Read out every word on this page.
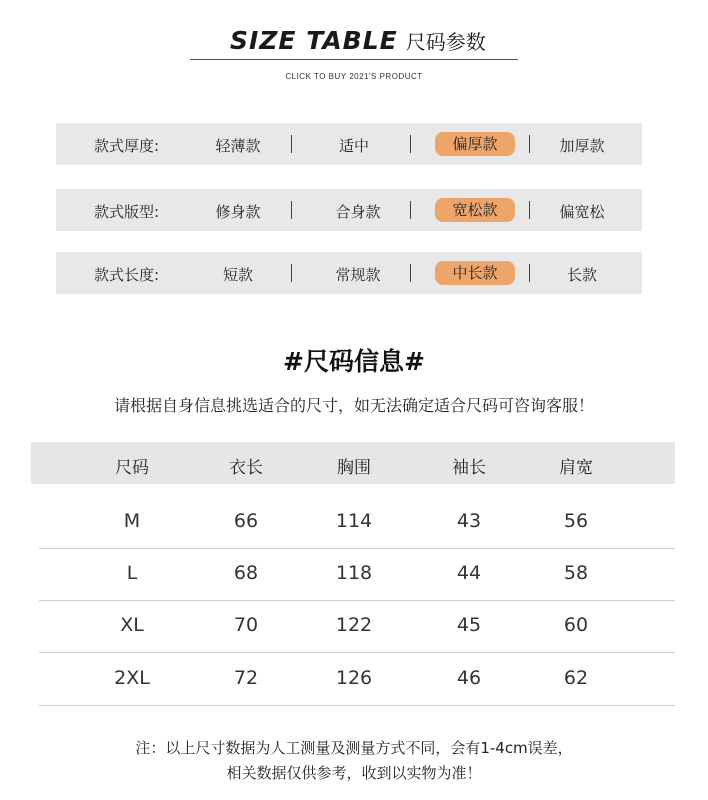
SIZE TABLE 尺码参数
CLICK TO BUY 2021'S PRODUCT
款式厚度:	轻薄款	适中	偏厚款	加厚款
款式版型:	修身款	合身款	宽松款	偏宽松
款式长度:	短款	常规款	中长款	长款
#尺码信息#
请根据自身信息挑选适合的尺寸，如无法确定适合尺码可咨询客服！
尺码	衣长	胸围	袖长	肩宽
M	66	114	43	56
L	68	118	44	58
XL	70	122	45	60
2XL	72	126	46	62
注：以上尺寸数据为人工测量及测量方式不同，会有1-4cm误差，
相关数据仅供参考，收到以实物为准！
